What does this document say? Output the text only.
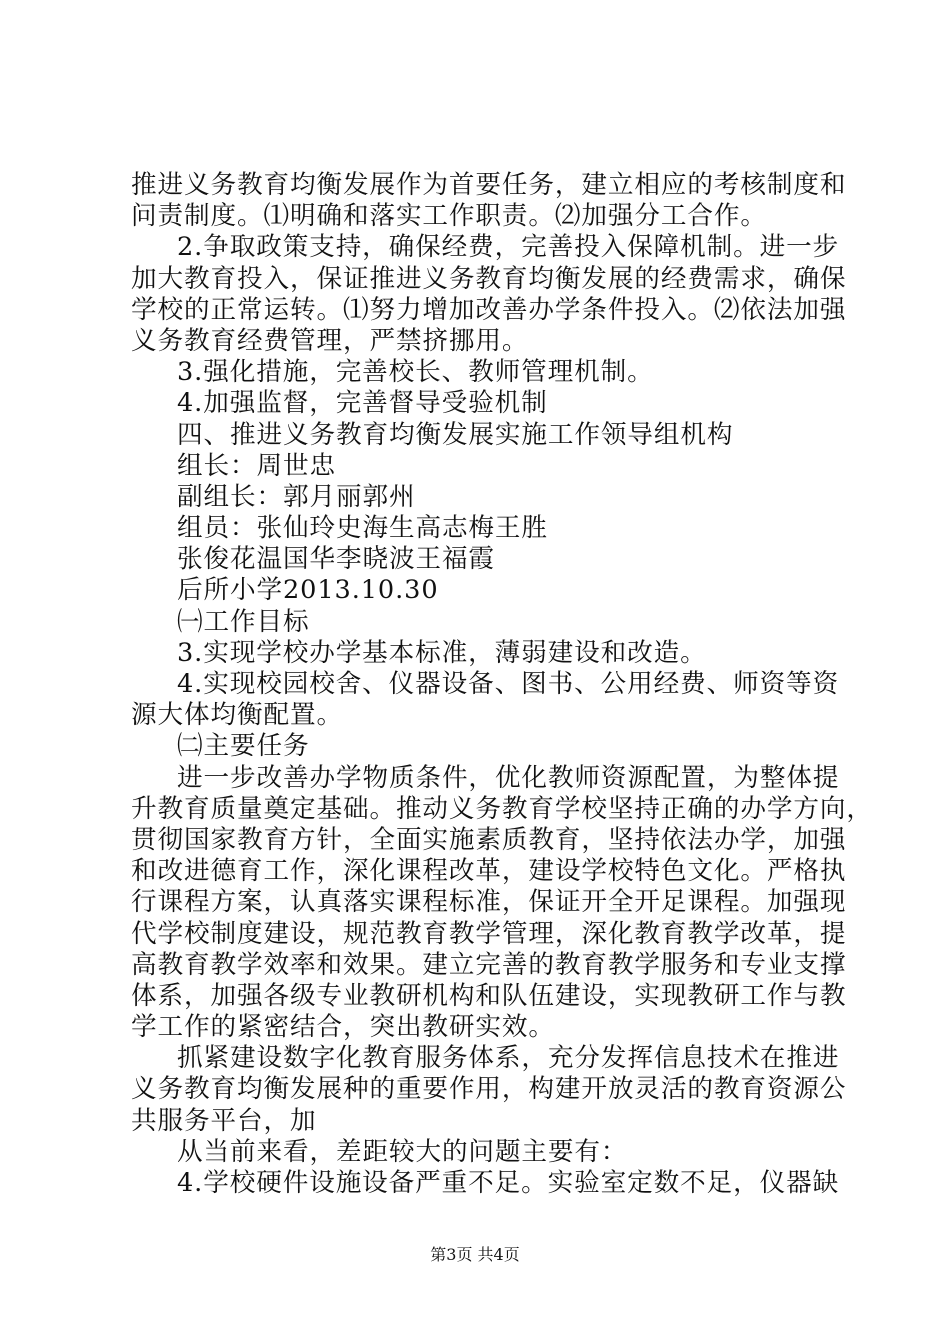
推进义务教育均衡发展作为首要任务，建立相应的考核制度和
问责制度。⑴明确和落实工作职责。⑵加强分工合作。
2.争取政策支持，确保经费，完善投入保障机制。进一步
加大教育投入，保证推进义务教育均衡发展的经费需求，确保
学校的正常运转。⑴努力增加改善办学条件投入。⑵依法加强
义务教育经费管理，严禁挤挪用。
3.强化措施，完善校长、教师管理机制。
4.加强监督，完善督导受验机制
四、推进义务教育均衡发展实施工作领导组机构
组长：周世忠
副组长：郭月丽郭州
组员：张仙玲史海生高志梅王胜
张俊花温国华李晓波王福霞
后所小学2013.10.30
㈠工作目标
3.实现学校办学基本标准，薄弱建设和改造。
4.实现校园校舍、仪器设备、图书、公用经费、师资等资
源大体均衡配置。
㈡主要任务
进一步改善办学物质条件，优化教师资源配置，为整体提
升教育质量奠定基础。推动义务教育学校坚持正确的办学方向，
贯彻国家教育方针，全面实施素质教育，坚持依法办学，加强
和改进德育工作，深化课程改革，建设学校特色文化。严格执
行课程方案，认真落实课程标准，保证开全开足课程。加强现
代学校制度建设，规范教育教学管理，深化教育教学改革，提
高教育教学效率和效果。建立完善的教育教学服务和专业支撑
体系，加强各级专业教研机构和队伍建设，实现教研工作与教
学工作的紧密结合，突出教研实效。
抓紧建设数字化教育服务体系，充分发挥信息技术在推进
义务教育均衡发展种的重要作用，构建开放灵活的教育资源公
共服务平台，加
从当前来看，差距较大的问题主要有：
4.学校硬件设施设备严重不足。实验室定数不足，仪器缺
第3页 共4页
